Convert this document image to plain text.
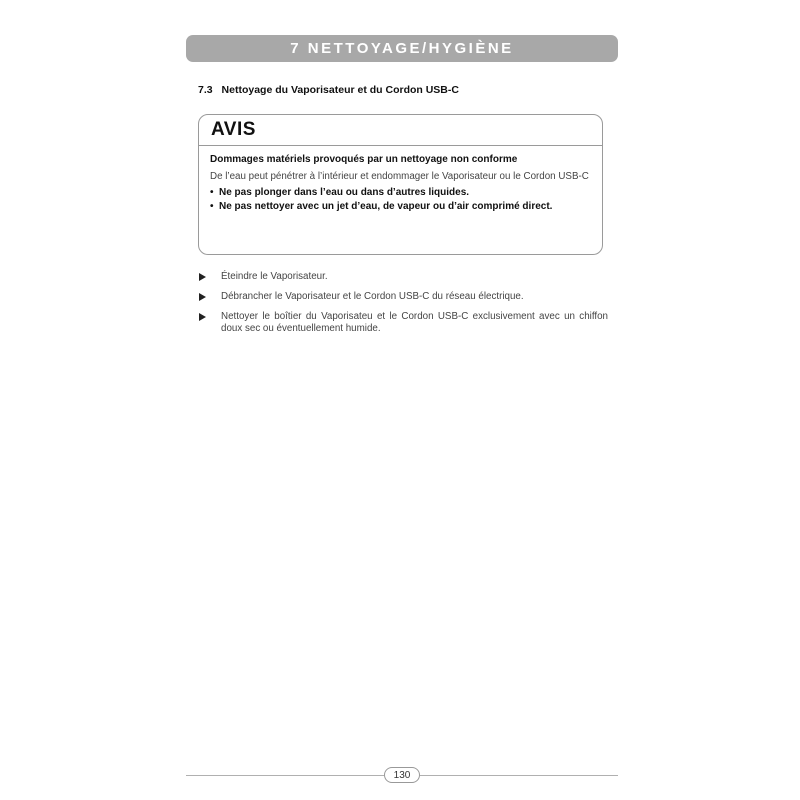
7 NETTOYAGE/HYGIÈNE
7.3 Nettoyage du Vaporisateur et du Cordon USB-C
AVIS
Dommages matériels provoqués par un nettoyage non conforme
De l’eau peut pénétrer à l’intérieur et endommager le Vaporisateur ou le Cordon USB-C
• Ne pas plonger dans l’eau ou dans d’autres liquides.
• Ne pas nettoyer avec un jet d’eau, de vapeur ou d’air comprimé direct.
Éteindre le Vaporisateur.
Débrancher le Vaporisateur et le Cordon USB-C du réseau électrique.
Nettoyer le boîtier du Vaporisateu et le Cordon USB-C exclusivement avec un chiffon doux sec ou éventuellement humide.
130
